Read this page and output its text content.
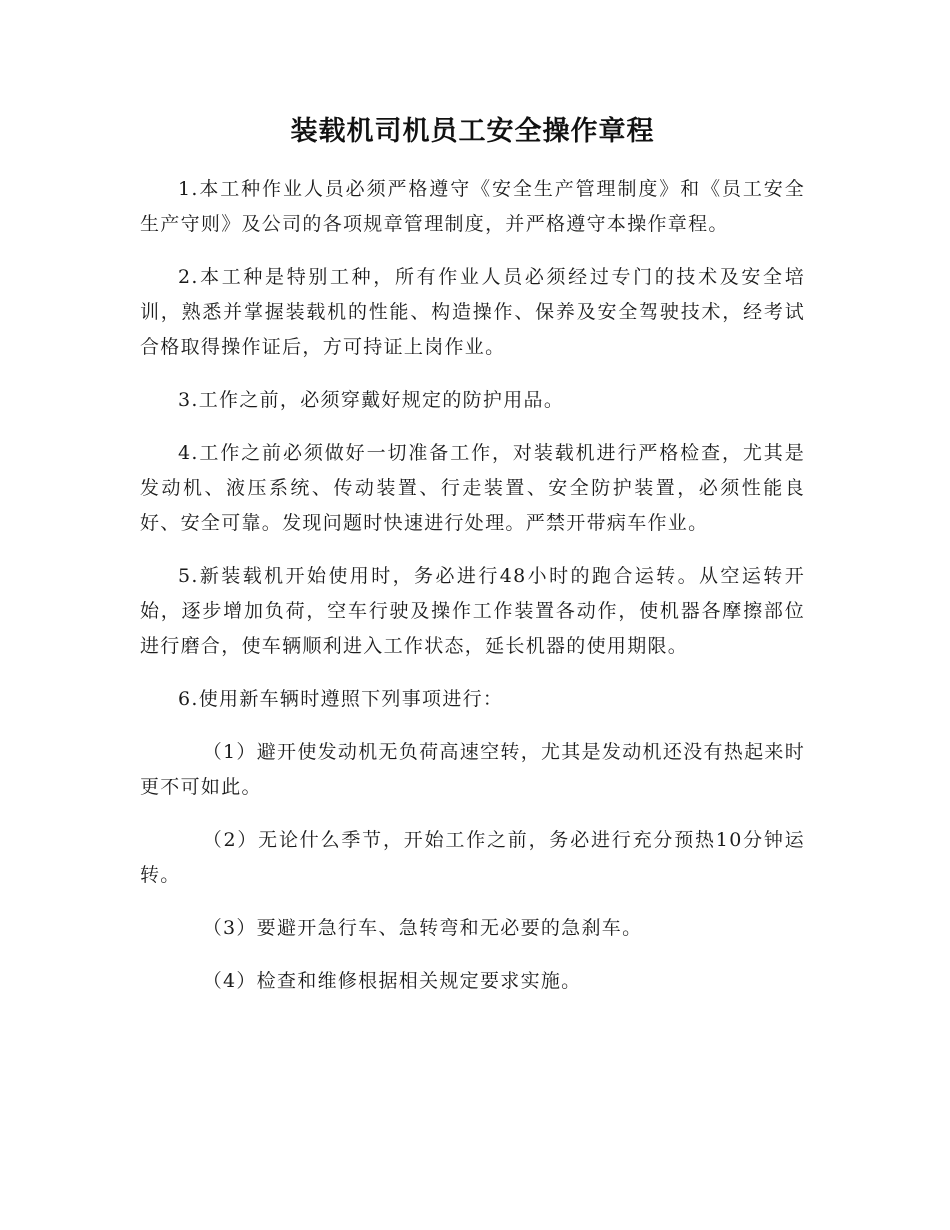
装载机司机员工安全操作章程

1.本工种作业人员必须严格遵守《安全生产管理制度》和《员工安全生产守则》及公司的各项规章管理制度，并严格遵守本操作章程。

2.本工种是特别工种，所有作业人员必须经过专门的技术及安全培训，熟悉并掌握装载机的性能、构造操作、保养及安全驾驶技术，经考试合格取得操作证后，方可持证上岗作业。

3.工作之前，必须穿戴好规定的防护用品。

4.工作之前必须做好一切准备工作，对装载机进行严格检查，尤其是发动机、液压系统、传动装置、行走装置、安全防护装置，必须性能良好、安全可靠。发现问题时快速进行处理。严禁开带病车作业。

5.新装载机开始使用时，务必进行48小时的跑合运转。从空运转开始，逐步增加负荷，空车行驶及操作工作装置各动作，使机器各摩擦部位进行磨合，使车辆顺利进入工作状态，延长机器的使用期限。

6.使用新车辆时遵照下列事项进行：

（1）避开使发动机无负荷高速空转，尤其是发动机还没有热起来时更不可如此。

（2）无论什么季节，开始工作之前，务必进行充分预热10分钟运转。

（3）要避开急行车、急转弯和无必要的急刹车。

（4）检查和维修根据相关规定要求实施。
